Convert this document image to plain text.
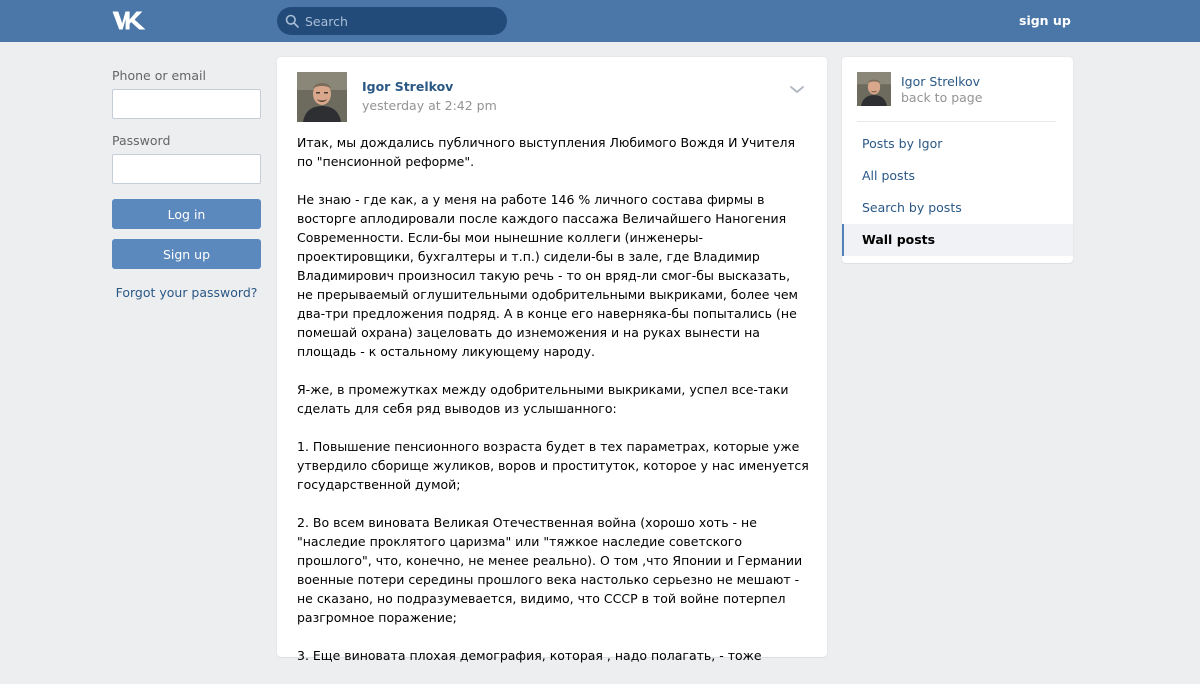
Search
sign up
Phone or email
Password
Log in
Sign up
Forgot your password?
Igor Strelkov
yesterday at 2:42 pm

Итак, мы дождались публичного выступления Любимого Вождя И Учителя по "пенсионной реформе".

Не знаю - где как, а у меня на работе 146 % личного состава фирмы в восторге аплодировали после каждого пассажа Величайшего Наногения Современности. Если-бы мои нынешние коллеги (инженеры-проектировщики, бухгалтеры и т.п.) сидели-бы в зале, где Владимир Владимирович произносил такую речь - то он вряд-ли смог-бы высказать, не прерываемый оглушительными одобрительными выкриками, более чем два-три предложения подряд. А в конце его наверняка-бы попытались (не помешай охрана) зацеловать до изнеможения и на руках вынести на площадь - к остальному ликующему народу.

Я-же, в промежутках между одобрительными выкриками, успел все-таки сделать для себя ряд выводов из услышанного:

1. Повышение пенсионного возраста будет в тех параметрах, которые уже утвердило сборище жуликов, воров и проституток, которое у нас именуется государственной думой;

2. Во всем виновата Великая Отечественная война (хорошо хоть - не "наследие проклятого царизма" или "тяжкое наследие советского прошлого", что, конечно, не менее реально). О том ,что Японии и Германии военные потери середины прошлого века настолько серьезно не мешают - не сказано, но подразумевается, видимо, что СССР в той войне потерпел разгромное поражение;

3. Еще виновата плохая демография, которая , надо полагать, - тоже

Igor Strelkov
back to page
Posts by Igor
All posts
Search by posts
Wall posts
